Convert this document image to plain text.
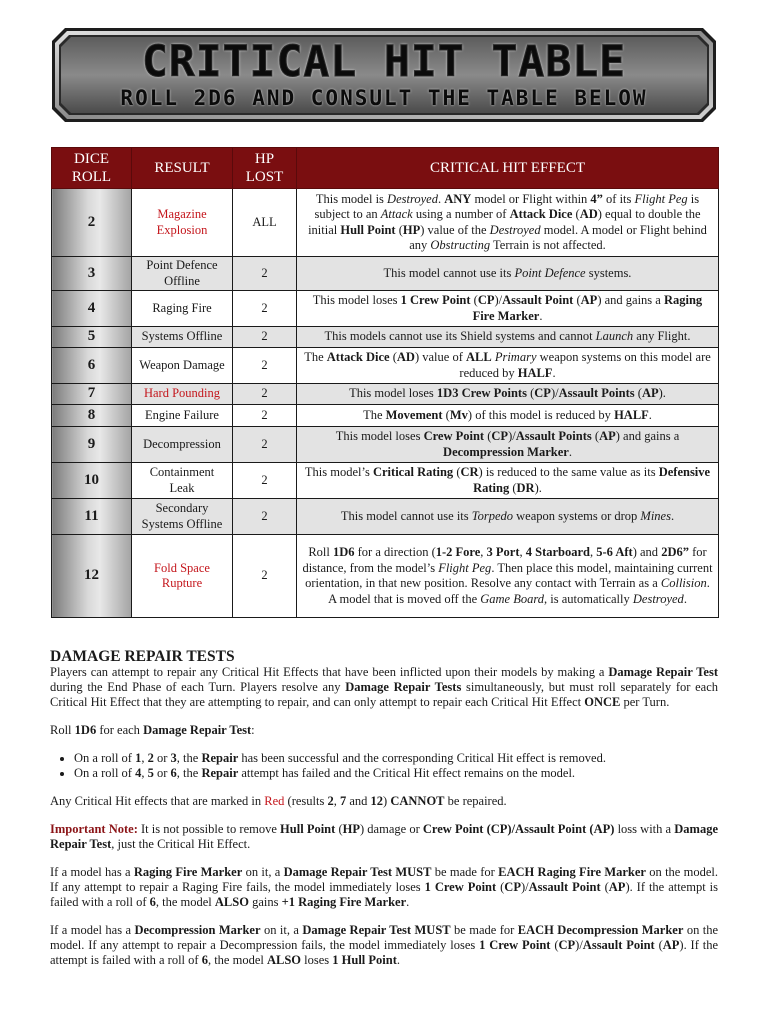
CRITICAL HIT TABLE
ROLL 2D6 AND CONSULT THE TABLE BELOW
DICE ROLL	RESULT	HP LOST	CRITICAL HIT EFFECT
2	Magazine Explosion	ALL	This model is Destroyed. ANY model or Flight within 4” of its Flight Peg is subject to an Attack using a number of Attack Dice (AD) equal to double the initial Hull Point (HP) value of the Destroyed model. A model or Flight behind any Obstructing Terrain is not affected.
3	Point Defence Offline	2	This model cannot use its Point Defence systems.
4	Raging Fire	2	This model loses 1 Crew Point (CP)/Assault Point (AP) and gains a Raging Fire Marker.
5	Systems Offline	2	This models cannot use its Shield systems and cannot Launch any Flight.
6	Weapon Damage	2	The Attack Dice (AD) value of ALL Primary weapon systems on this model are reduced by HALF.
7	Hard Pounding	2	This model loses 1D3 Crew Points (CP)/Assault Points (AP).
8	Engine Failure	2	The Movement (Mv) of this model is reduced by HALF.
9	Decompression	2	This model loses Crew Point (CP)/Assault Points (AP) and gains a Decompression Marker.
10	Containment Leak	2	This model’s Critical Rating (CR) is reduced to the same value as its Defensive Rating (DR).
11	Secondary Systems Offline	2	This model cannot use its Torpedo weapon systems or drop Mines.
12	Fold Space Rupture	2	Roll 1D6 for a direction (1-2 Fore, 3 Port, 4 Starboard, 5-6 Aft) and 2D6” for distance, from the model’s Flight Peg. Then place this model, maintaining current orientation, in that new position. Resolve any contact with Terrain as a Collision. A model that is moved off the Game Board, is automatically Destroyed.
DAMAGE REPAIR TESTS

Players can attempt to repair any Critical Hit Effects that have been inflicted upon their models by making a Damage Repair Test during the End Phase of each Turn. Players resolve any Damage Repair Tests simultaneously, but must roll separately for each Critical Hit Effect that they are attempting to repair, and can only attempt to repair each Critical Hit Effect ONCE per Turn.

Roll 1D6 for each Damage Repair Test:

• On a roll of 1, 2 or 3, the Repair has been successful and the corresponding Critical Hit effect is removed.
• On a roll of 4, 5 or 6, the Repair attempt has failed and the Critical Hit effect remains on the model.

Any Critical Hit effects that are marked in Red (results 2, 7 and 12) CANNOT be repaired.

Important Note: It is not possible to remove Hull Point (HP) damage or Crew Point (CP)/Assault Point (AP) loss with a Damage Repair Test, just the Critical Hit Effect.

If a model has a Raging Fire Marker on it, a Damage Repair Test MUST be made for EACH Raging Fire Marker on the model. If any attempt to repair a Raging Fire fails, the model immediately loses 1 Crew Point (CP)/Assault Point (AP). If the attempt is failed with a roll of 6, the model ALSO gains +1 Raging Fire Marker.

If a model has a Decompression Marker on it, a Damage Repair Test MUST be made for EACH Decompression Marker on the model. If any attempt to repair a Decompression fails, the model immediately loses 1 Crew Point (CP)/Assault Point (AP). If the attempt is failed with a roll of 6, the model ALSO loses 1 Hull Point.
